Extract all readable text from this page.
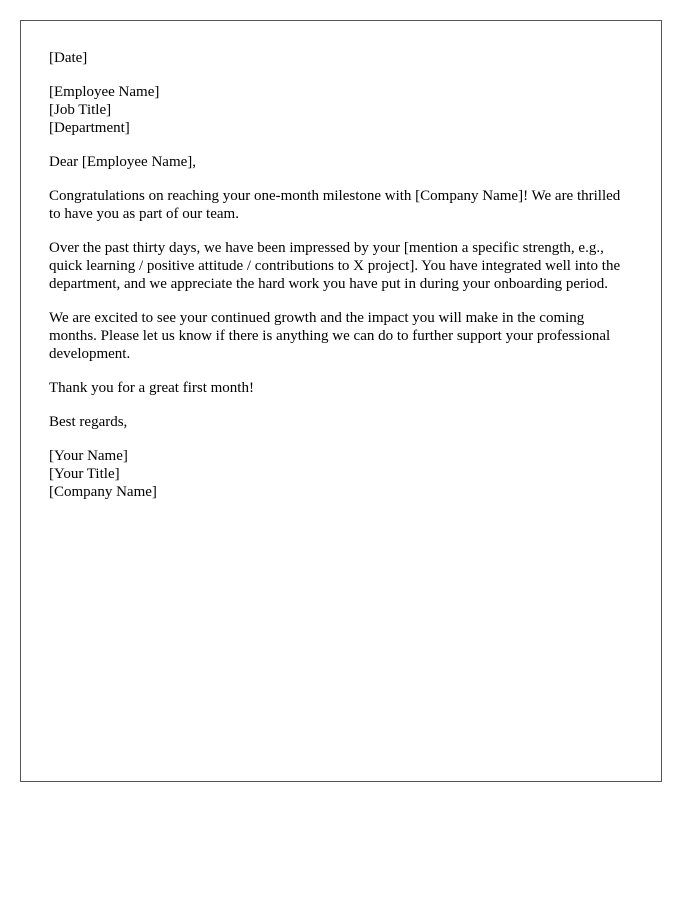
[Date]
[Employee Name]
[Job Title]
[Department]

Dear [Employee Name],

Congratulations on reaching your one-month milestone with [Company Name]! We are thrilled to have you as part of our team.

Over the past thirty days, we have been impressed by your [mention a specific strength, e.g., quick learning / positive attitude / contributions to X project]. You have integrated well into the department, and we appreciate the hard work you have put in during your onboarding period.

We are excited to see your continued growth and the impact you will make in the coming months. Please let us know if there is anything we can do to further support your professional development.

Thank you for a great first month!

Best regards,

[Your Name]
[Your Title]
[Company Name]
